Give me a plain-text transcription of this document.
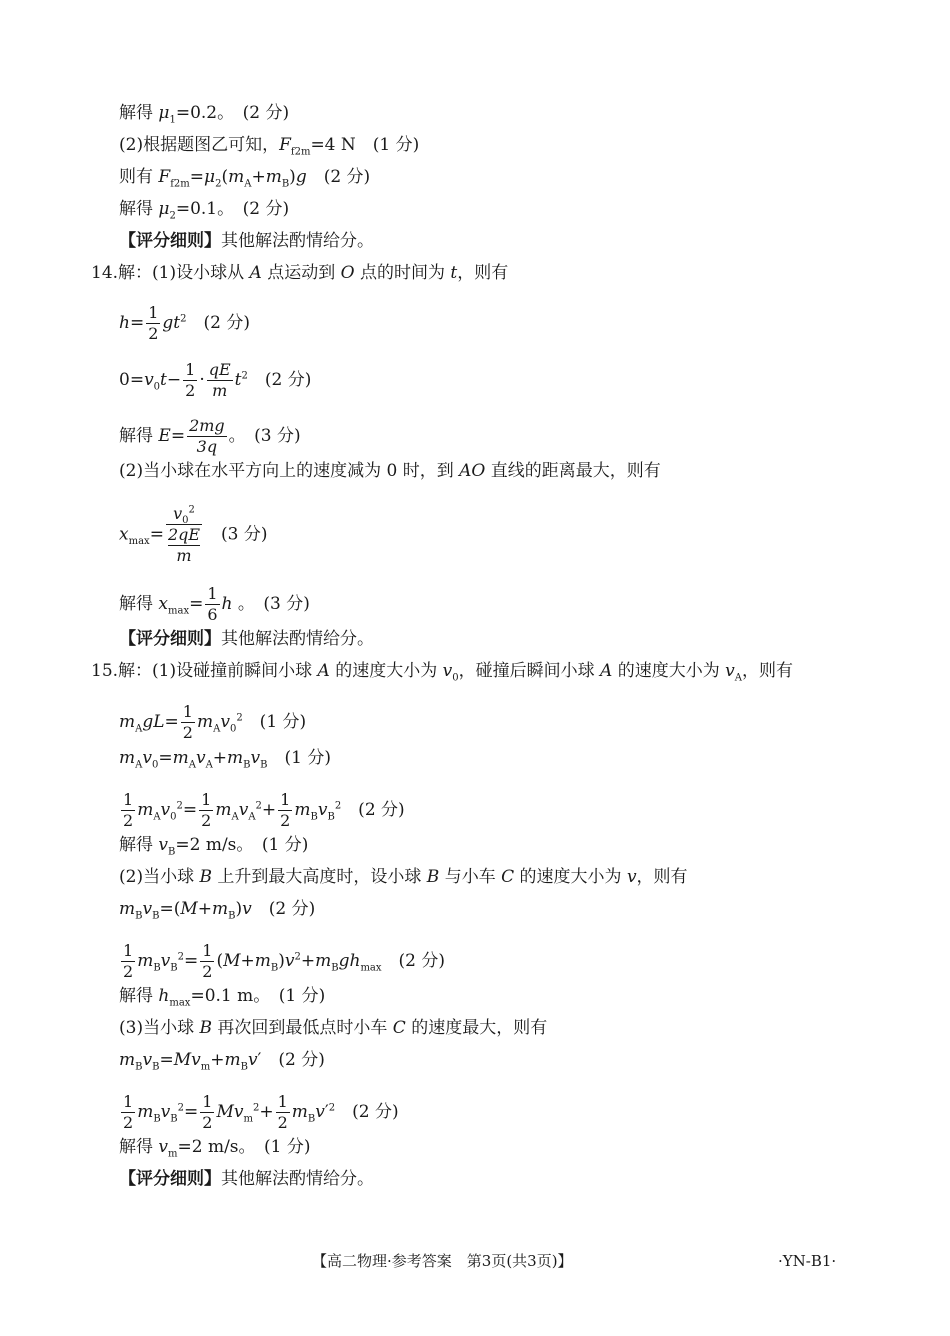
解得 $\mu_1=0.2$。　(2 分)
(2)根据题图乙可知，$F_{f2m}=4$ N　(1 分)
则有 $F_{f2m}=\mu_2(m_A+m_B)g$　(2 分)
解得 $\mu_2=0.1$。　(2 分)
【评分细则】其他解法酌情给分。
14.解：(1)设小球从 A 点运动到 O 点的时间为 t，则有
$h= \frac{1}{2} gt^2$　(2 分)
$0=v_0t- \frac{1}{2} \cdot \frac{qE}{m} t^2$　(2 分)
解得 $E= \frac{2mg}{3q}$ 。　(3 分)
(2)当小球在水平方向上的速度减为 0 时，到 AO 直线的距离最大，则有
$x_{max}= v_0^2$
2qE
m 　(3 分)
解得 $x_{max}= \frac{1}{6}$ h 。　(3 分)
【评分细则】其他解法酌情给分。
15.解：(1)设碰撞前瞬间小球 A 的速度大小为 $v_0$，碰撞后瞬间小球 A 的速度大小为 $v_A$，则有
$m_AgL= \frac{1}{2} m_Av_0^2$　(1 分)
$m_Av_0=m_Av_A+m_Bv_B$　(1 分)
$\frac{1}{2} m_Av_0^2= \frac{1}{2} m_Av_A^2+ \frac{1}{2} m_Bv_B^2$　(2 分)
解得 $v_B=2$ m/s。　(1 分)
(2)当小球 B 上升到最大高度时，设小球 B 与小车 C 的速度大小为 v，则有
$m_Bv_B=(M+m_B)v$　(2 分)
$\frac{1}{2} m_Bv_B^2= \frac{1}{2} (M+m_B)v^2+m_Bgh_{max}$　(2 分)
解得 $h_{max}=0.1$ m。　(1 分)
(3)当小球 B 再次回到最低点时小车 C 的速度最大，则有
$m_Bv_B=Mv_m+m_Bv'$　(2 分)
$\frac{1}{2} m_Bv_B^2= \frac{1}{2} Mv_m^2+ \frac{1}{2} m_Bv'^2$　(2 分)
解得 $v_m=2$ m/s。　(1 分)
【评分细则】其他解法酌情给分。
【高二物理·参考答案　第3页(共3页)】	·YN-B1·
